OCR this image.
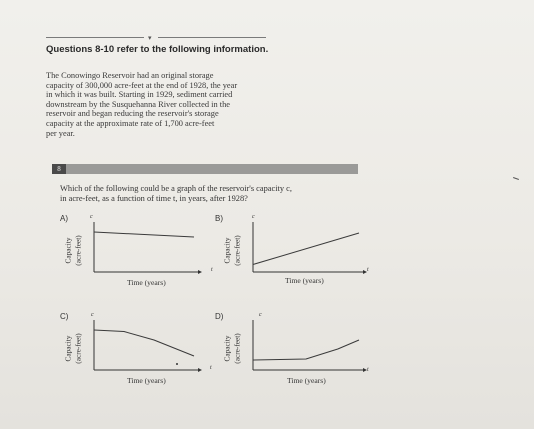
▾
Questions 8-10 refer to the following information.
The Conowingo Reservoir had an original storage
capacity of 300,000 acre-feet at the end of 1928, the year
in which it was built. Starting in 1929, sediment carried
downstream by the Susquehanna River collected in the
reservoir and began reducing the reservoir's storage
capacity at the approximate rate of 1,700 acre-feet
per year.
8
Which of the following could be a graph of the reservoir's capacity c,
in acre-feet, as a function of time t, in years, after 1928?
A)	c
t
Capacity (acre-feet)
Time (years)
B)	c
t
Capacity (acre-feet)
Time (years)
C)	c
t
Capacity (acre-feet)
Time (years)
D)	c
t
Capacity (acre-feet)
Time (years)
